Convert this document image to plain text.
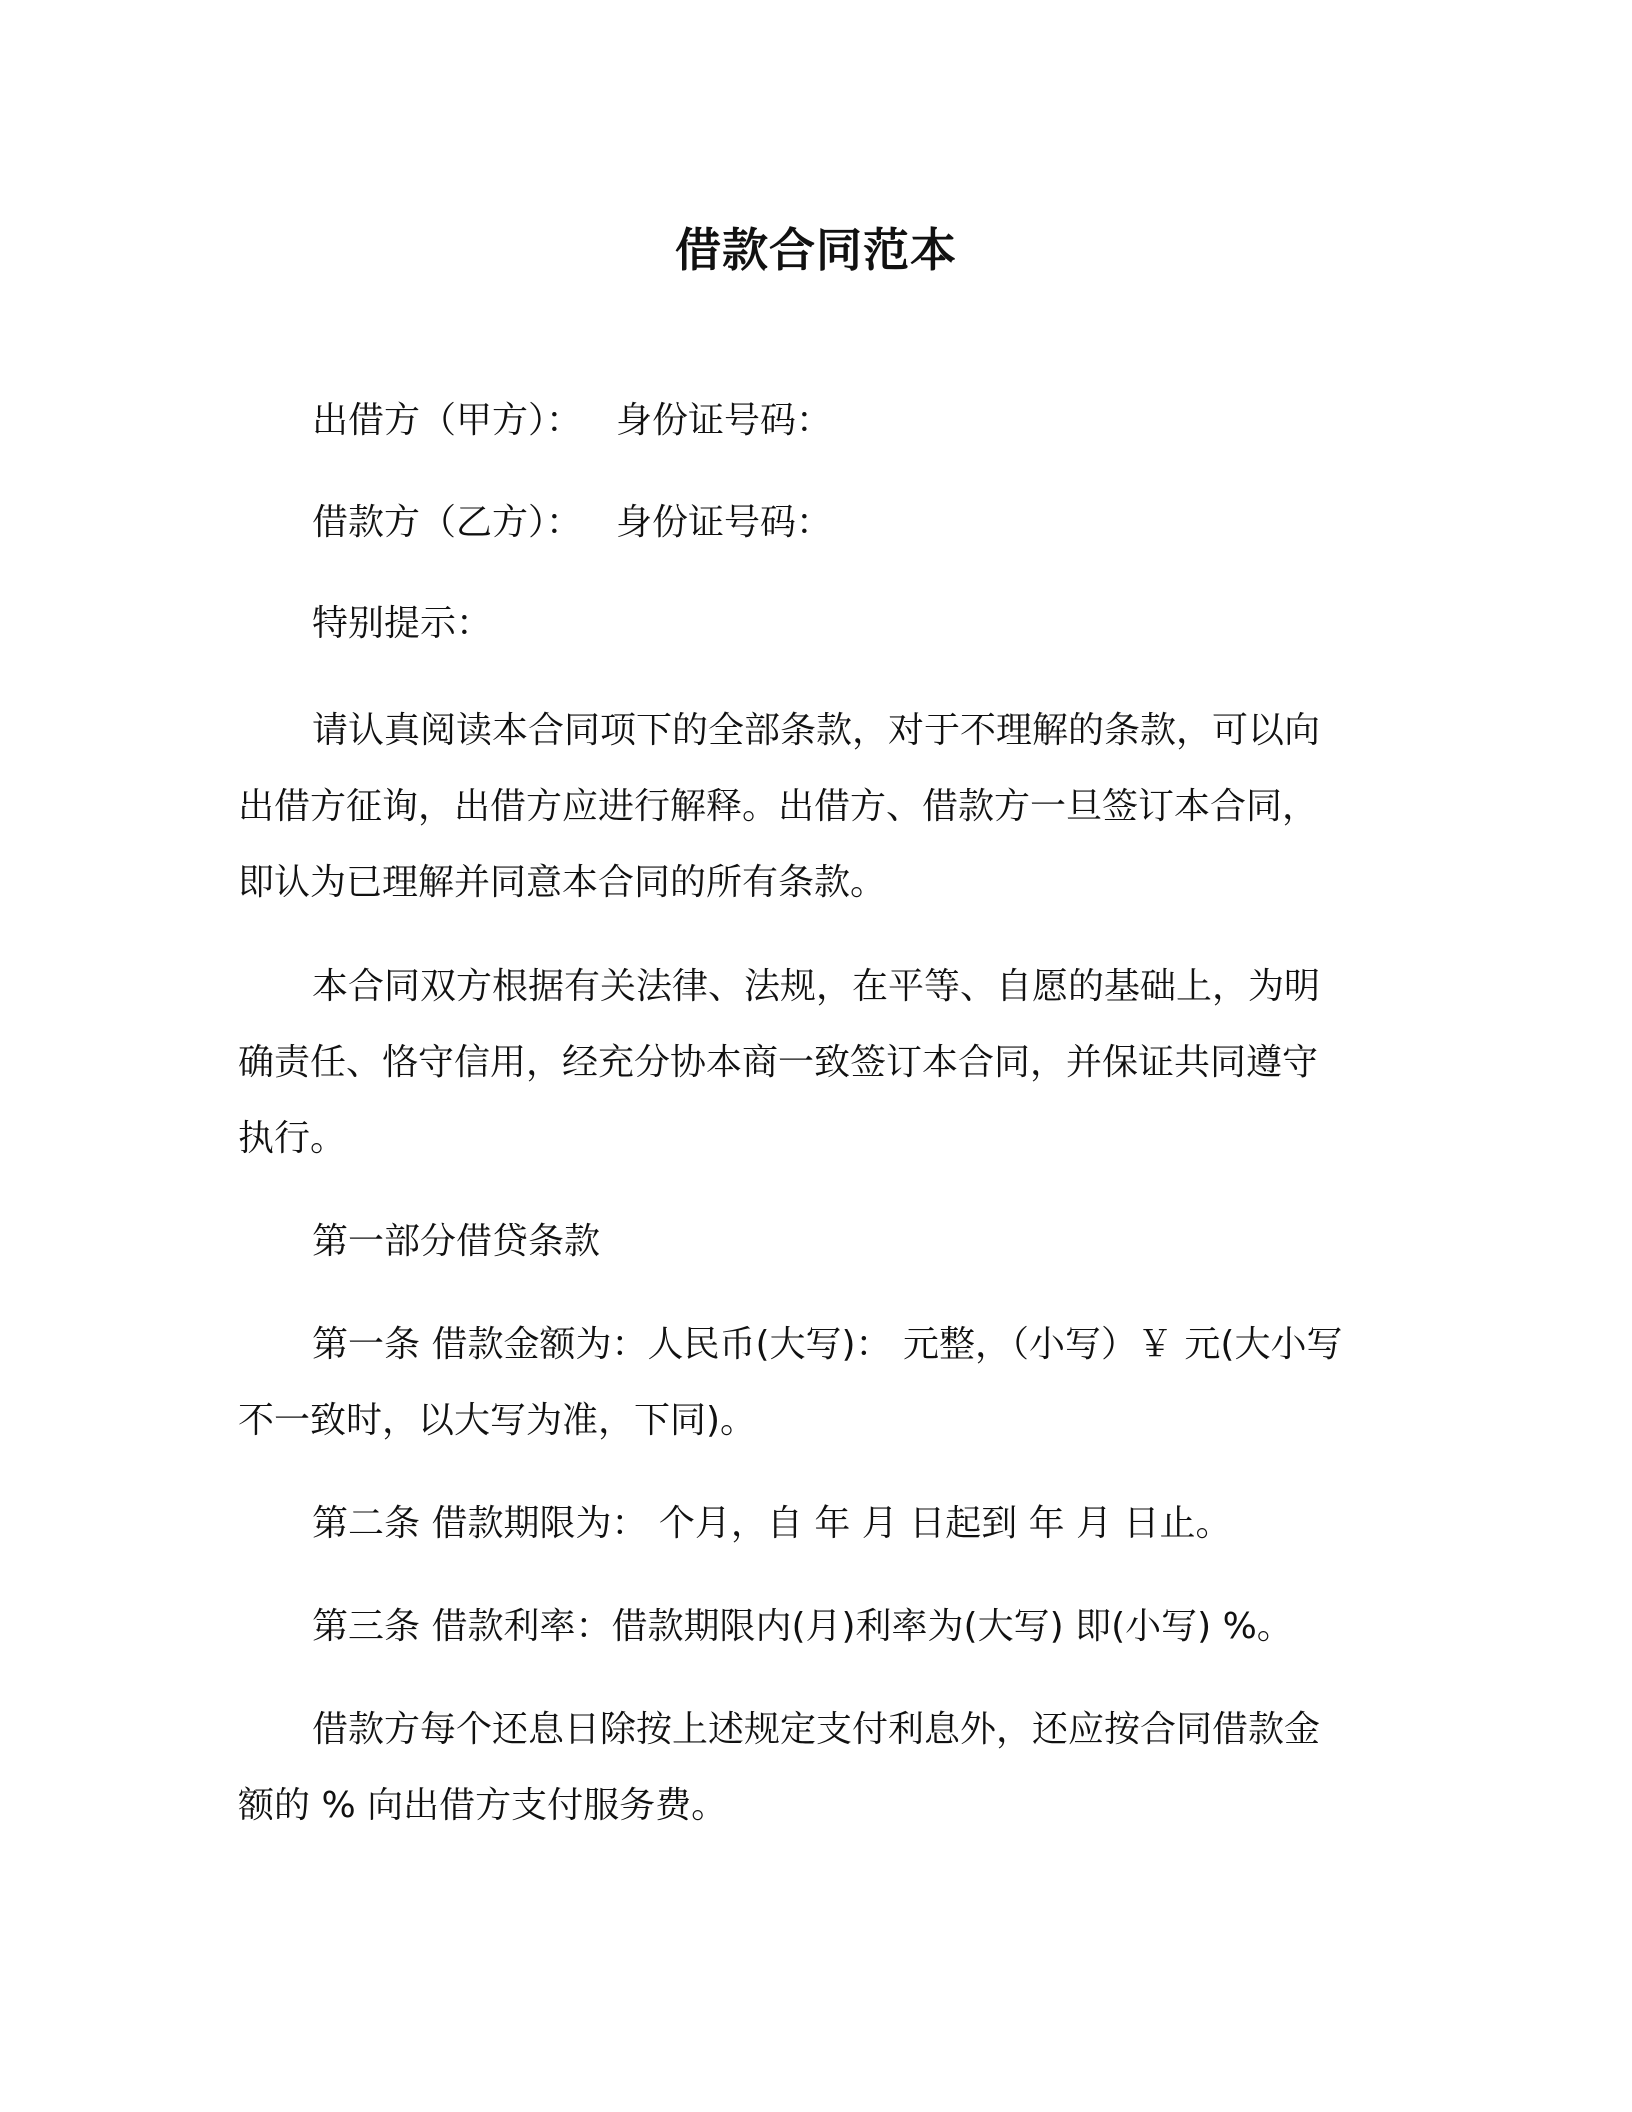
借款合同范本
出借方（甲方）： 身份证号码：
借款方（乙方）： 身份证号码：
特别提示：
请认真阅读本合同项下的全部条款，对于不理解的条款，可以向
出借方征询，出借方应进行解释。出借方、借款方一旦签订本合同，
即认为已理解并同意本合同的所有条款。
本合同双方根据有关法律、法规，在平等、自愿的基础上，为明
确责任、恪守信用，经充分协本商一致签订本合同，并保证共同遵守
执行。
第一部分借贷条款
第一条 借款金额为：人民币(大写)： 元整，（小写）￥ 元(大小写
不一致时，以大写为准，下同)。
第二条 借款期限为： 个月，自 年 月 日起到 年 月 日止。
第三条 借款利率：借款期限内(月)利率为(大写) 即(小写) %。
借款方每个还息日除按上述规定支付利息外，还应按合同借款金
额的 % 向出借方支付服务费。
